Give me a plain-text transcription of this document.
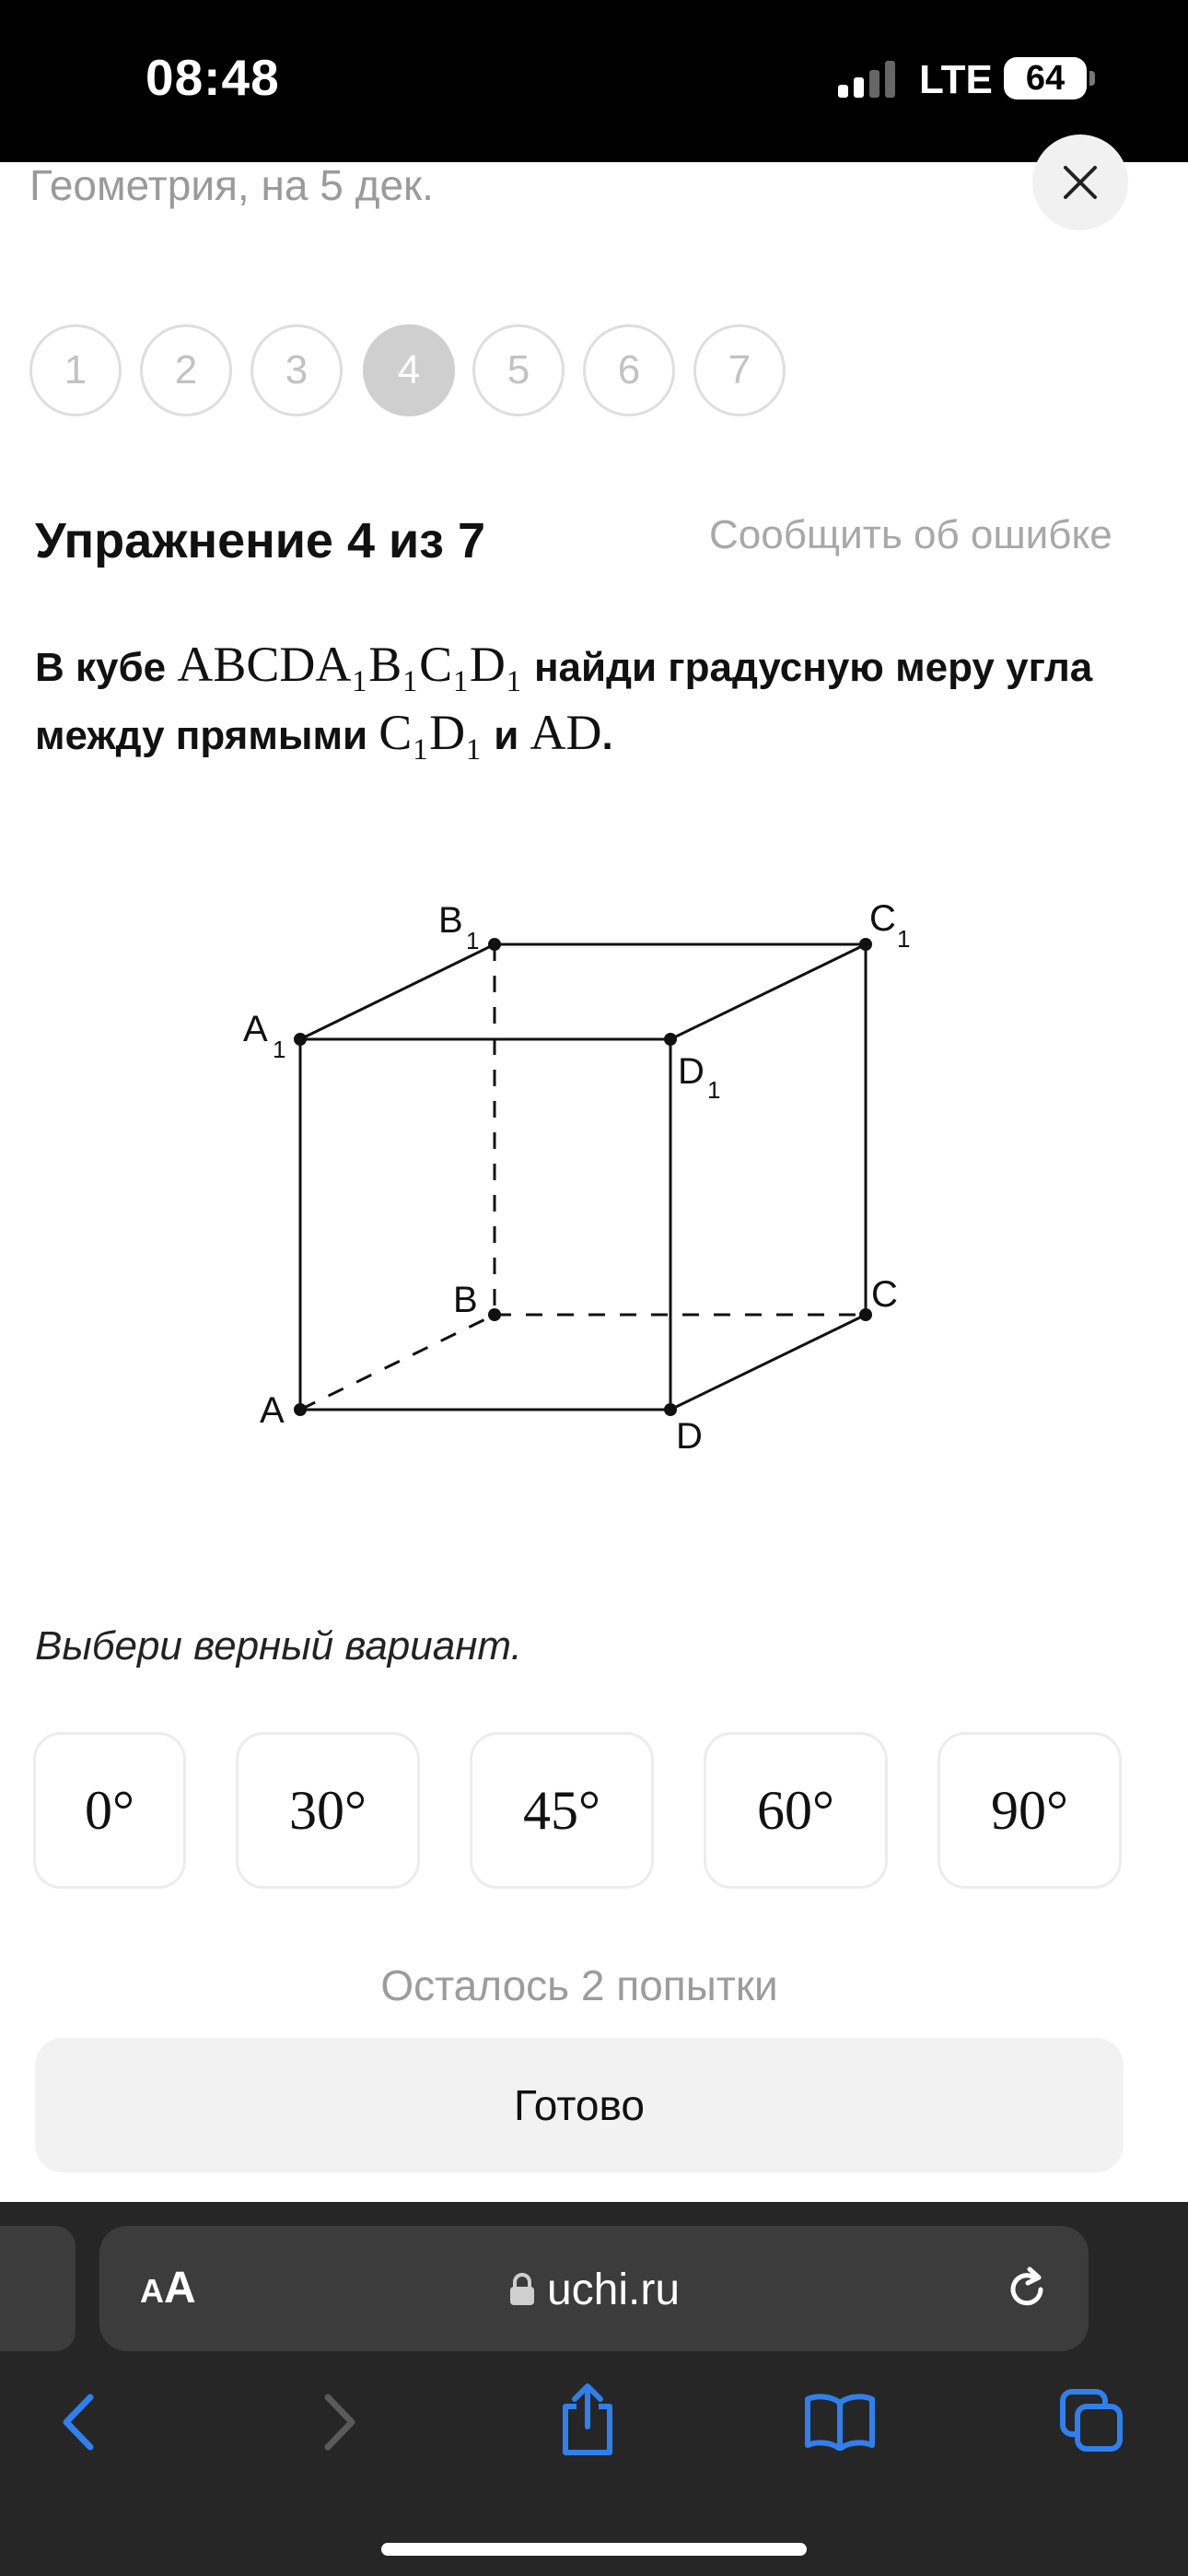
08:48	LTE 64
Геометрия, на 5 дек.
1	2	3	4	5	6	7
Упражнение 4 из 7	Сообщить об ошибке
В кубе ABCDA₁B₁C₁D₁ найди градусную меру угла между прямыми C₁D₁ и AD.
A 1
B 1
C 1
D 1
B	C
A
D
Выбери верный вариант.
0°	30°	45°	60°	90°
Осталось 2 попытки
Готово
AA	uchi.ru
